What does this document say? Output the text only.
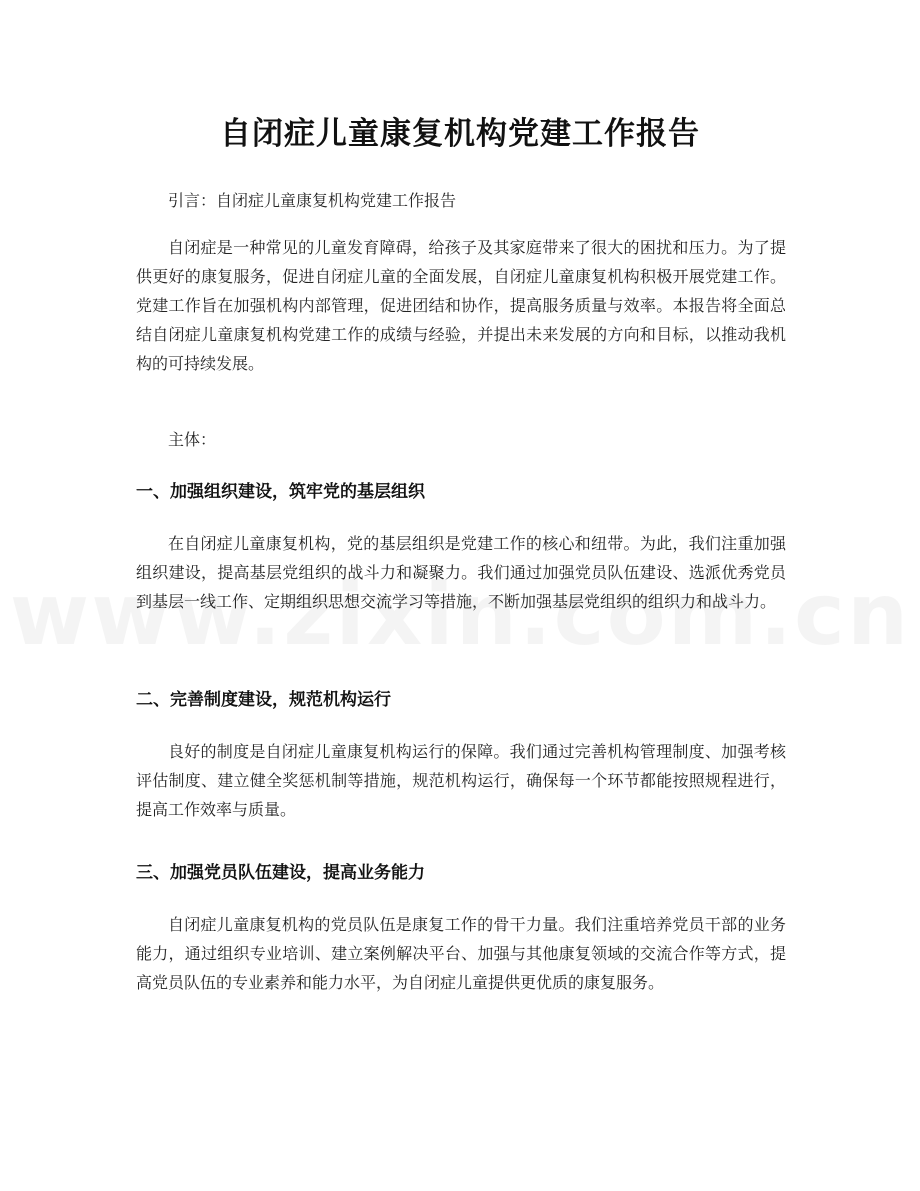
自闭症儿童康复机构党建工作报告

引言：自闭症儿童康复机构党建工作报告

自闭症是一种常见的儿童发育障碍，给孩子及其家庭带来了很大的困扰和压力。为了提供更好的康复服务，促进自闭症儿童的全面发展，自闭症儿童康复机构积极开展党建工作。党建工作旨在加强机构内部管理，促进团结和协作，提高服务质量与效率。本报告将全面总结自闭症儿童康复机构党建工作的成绩与经验，并提出未来发展的方向和目标，以推动我机构的可持续发展。

主体：

一、加强组织建设，筑牢党的基层组织

在自闭症儿童康复机构，党的基层组织是党建工作的核心和纽带。为此，我们注重加强组织建设，提高基层党组织的战斗力和凝聚力。我们通过加强党员队伍建设、选派优秀党员到基层一线工作、定期组织思想交流学习等措施，不断加强基层党组织的组织力和战斗力。

二、完善制度建设，规范机构运行

良好的制度是自闭症儿童康复机构运行的保障。我们通过完善机构管理制度、加强考核评估制度、建立健全奖惩机制等措施，规范机构运行，确保每一个环节都能按照规程进行，提高工作效率与质量。

三、加强党员队伍建设，提高业务能力

自闭症儿童康复机构的党员队伍是康复工作的骨干力量。我们注重培养党员干部的业务能力，通过组织专业培训、建立案例解决平台、加强与其他康复领域的交流合作等方式，提高党员队伍的专业素养和能力水平，为自闭症儿童提供更优质的康复服务。
